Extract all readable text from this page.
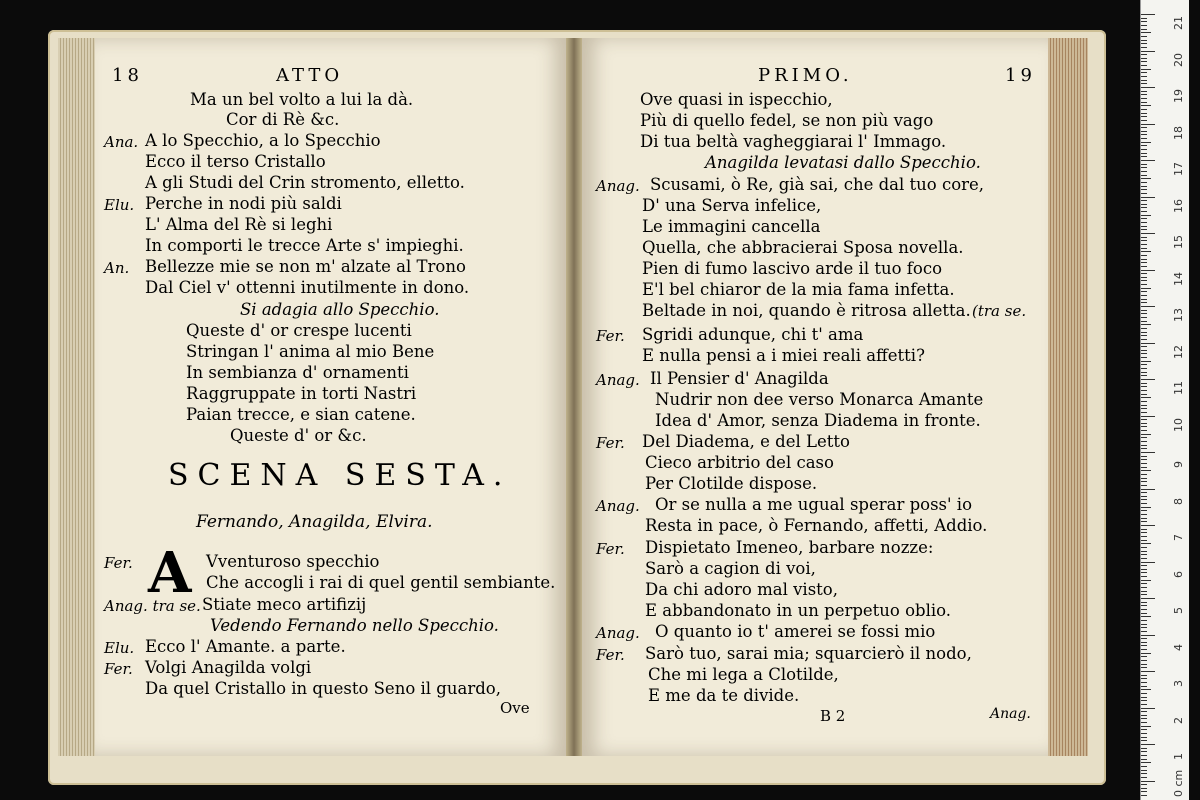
18	ATTO	PRIMO.	19
Ma un bel volto a lui la dà.
Cor di Rè &c.
Ana. A lo Specchio, a lo Specchio
Ecco il terso Cristallo
A gli Studi del Crin stromento, elletto.
Elu. Perche in nodi più saldi
L' Alma del Rè si leghi
In comporti le trecce Arte s' impieghi.
An. Bellezze mie se non m' alzate al Trono
Dal Ciel v' ottenni inutilmente in dono.
Si adagia allo Specchio.
Queste d' or crespe lucenti
Stringan l' anima al mio Bene
In sembianza d' ornamenti
Raggruppate in torti Nastri
Paian trecce, e sian catene.
Queste d' or &c.
SCENA SESTA.
Fernando, Anagilda, Elvira.
A
Fer.	Vventuroso specchio
Che accogli i rai di quel gentil sembiante.
Anag. tra se. Stiate meco artifizij
Vedendo Fernando nello Specchio.
Elu. Ecco l' Amante. a parte.
Fer. Volgi Anagilda volgi
Da quel Cristallo in questo Seno il guardo,
Ove
Ove quasi in ispecchio,
Più di quello fedel, se non più vago
Di tua beltà vagheggiarai l' Immago.
Anagilda levatasi dallo Specchio.
Anag. Scusami, ò Re, già sai, che dal tuo core,
D' una Serva infelice,
Le immagini cancella
Quella, che abbracierai Sposa novella.
Pien di fumo lascivo arde il tuo foco
E'l bel chiaror de la mia fama infetta.
Beltade in noi, quando è ritrosa alletta.
Fer. Sgridi adunque, chi t' ama
E nulla pensi a i miei reali affetti?
Anag. Il Pensier d' Anagilda
Nudrir non dee verso Monarca Amante
Idea d' Amor, senza Diadema in fronte.
Fer. Del Diadema, e del Letto
Cieco arbitrio del caso
Per Clotilde dispose.
Anag. Or se nulla a me ugual sperar poss' io
Resta in pace, ò Fernando, affetti, Addio.
Fer. Dispietato Imeneo, barbare nozze:
Sarò a cagion di voi,
Da chi adoro mal visto,
E abbandonato in un perpetuo oblio.
Anag. O quanto io t' amerei se fossi mio
Fer. Sarò tuo, sarai mia; squarcierò il nodo,
Che mi lega a Clotilde,
E me da te divide.
(tra se.
B 2	Anag.
21
20
19
18
17
16
15
14
13
12
11
10
9
8
7
6
5
4
3
2
1
0 cm
